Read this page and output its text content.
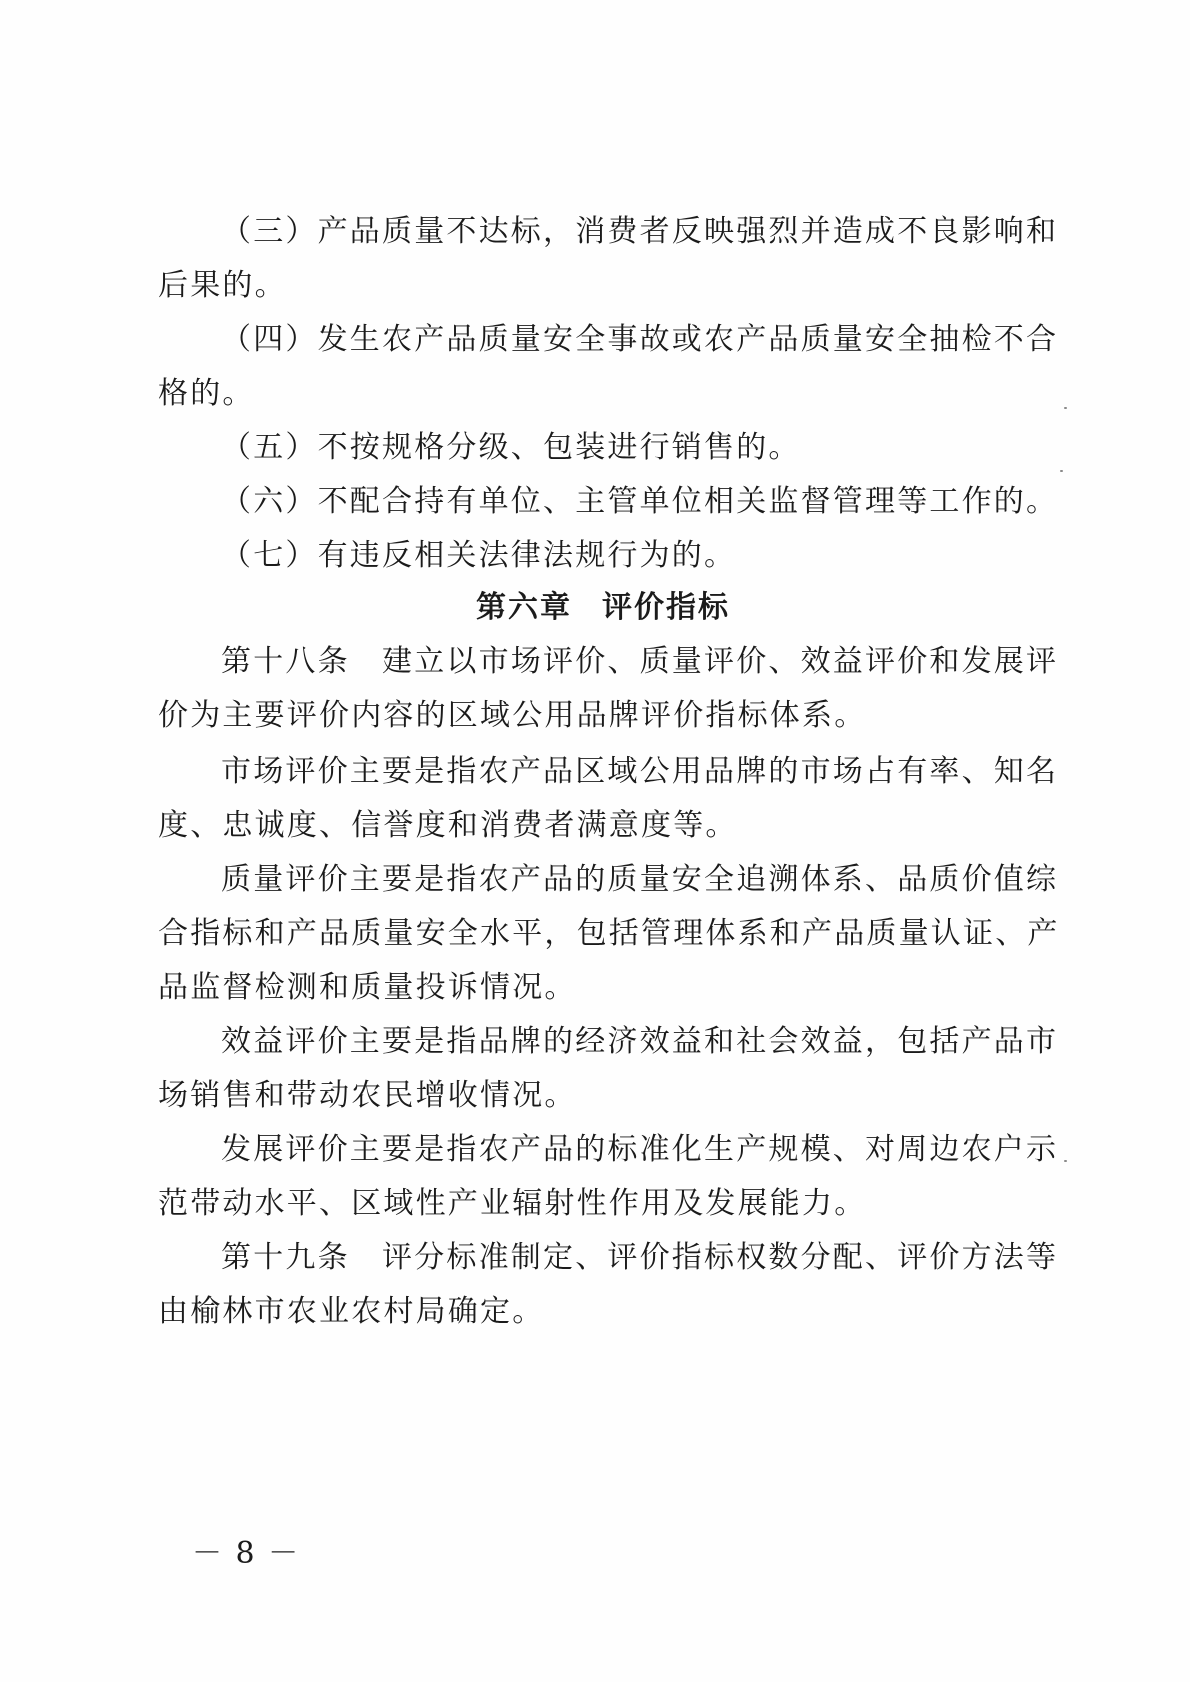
（三）产品质量不达标，消费者反映强烈并造成不良影响和
后果的。
（四）发生农产品质量安全事故或农产品质量安全抽检不合
格的。
（五）不按规格分级、包装进行销售的。
（六）不配合持有单位、主管单位相关监督管理等工作的。
（七）有违反相关法律法规行为的。
第六章 评价指标
第十八条　建立以市场评价、质量评价、效益评价和发展评
价为主要评价内容的区域公用品牌评价指标体系。
市场评价主要是指农产品区域公用品牌的市场占有率、知名
度、忠诚度、信誉度和消费者满意度等。
质量评价主要是指农产品的质量安全追溯体系、品质价值综
合指标和产品质量安全水平，包括管理体系和产品质量认证、产
品监督检测和质量投诉情况。
效益评价主要是指品牌的经济效益和社会效益，包括产品市
场销售和带动农民增收情况。
发展评价主要是指农产品的标准化生产规模、对周边农户示
范带动水平、区域性产业辐射性作用及发展能力。
第十九条　评分标准制定、评价指标权数分配、评价方法等
由榆林市农业农村局确定。
－ 8 －
